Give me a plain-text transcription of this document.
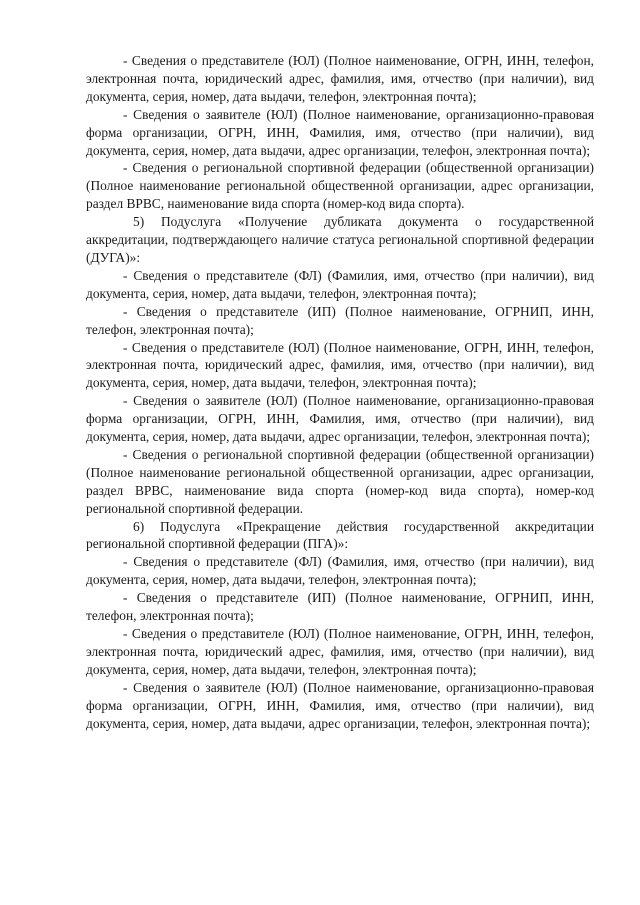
- Сведения о представителе (ЮЛ) (Полное наименование, ОГРН, ИНН, телефон, электронная почта, юридический адрес, фамилия, имя, отчество (при наличии), вид документа, серия, номер, дата выдачи, телефон, электронная почта);

- Сведения о заявителе (ЮЛ) (Полное наименование, организационно-правовая форма организации, ОГРН, ИНН, Фамилия, имя, отчество (при наличии), вид документа, серия, номер, дата выдачи, адрес организации, телефон, электронная почта);

- Сведения о региональной спортивной федерации (общественной организации) (Полное наименование региональной общественной организации, адрес организации, раздел ВРВС, наименование вида спорта (номер-код вида спорта).

5) Подуслуга «Получение дубликата документа о государственной аккредитации, подтверждающего наличие статуса региональной спортивной федерации (ДУГА)»:

- Сведения о представителе (ФЛ) (Фамилия, имя, отчество (при наличии), вид документа, серия, номер, дата выдачи, телефон, электронная почта);

- Сведения о представителе (ИП) (Полное наименование, ОГРНИП, ИНН, телефон, электронная почта);

- Сведения о представителе (ЮЛ) (Полное наименование, ОГРН, ИНН, телефон, электронная почта, юридический адрес, фамилия, имя, отчество (при наличии), вид документа, серия, номер, дата выдачи, телефон, электронная почта);

- Сведения о заявителе (ЮЛ) (Полное наименование, организационно-правовая форма организации, ОГРН, ИНН, Фамилия, имя, отчество (при наличии), вид документа, серия, номер, дата выдачи, адрес организации, телефон, электронная почта);

- Сведения о региональной спортивной федерации (общественной организации) (Полное наименование региональной общественной организации, адрес организации, раздел ВРВС, наименование вида спорта (номер-код вида спорта), номер-код региональной спортивной федерации.

6) Подуслуга «Прекращение действия государственной аккредитации региональной спортивной федерации (ПГА)»:

- Сведения о представителе (ФЛ) (Фамилия, имя, отчество (при наличии), вид документа, серия, номер, дата выдачи, телефон, электронная почта);

- Сведения о представителе (ИП) (Полное наименование, ОГРНИП, ИНН, телефон, электронная почта);

- Сведения о представителе (ЮЛ) (Полное наименование, ОГРН, ИНН, телефон, электронная почта, юридический адрес, фамилия, имя, отчество (при наличии), вид документа, серия, номер, дата выдачи, телефон, электронная почта);

- Сведения о заявителе (ЮЛ) (Полное наименование, организационно-правовая форма организации, ОГРН, ИНН, Фамилия, имя, отчество (при наличии), вид документа, серия, номер, дата выдачи, адрес организации, телефон, электронная почта);
